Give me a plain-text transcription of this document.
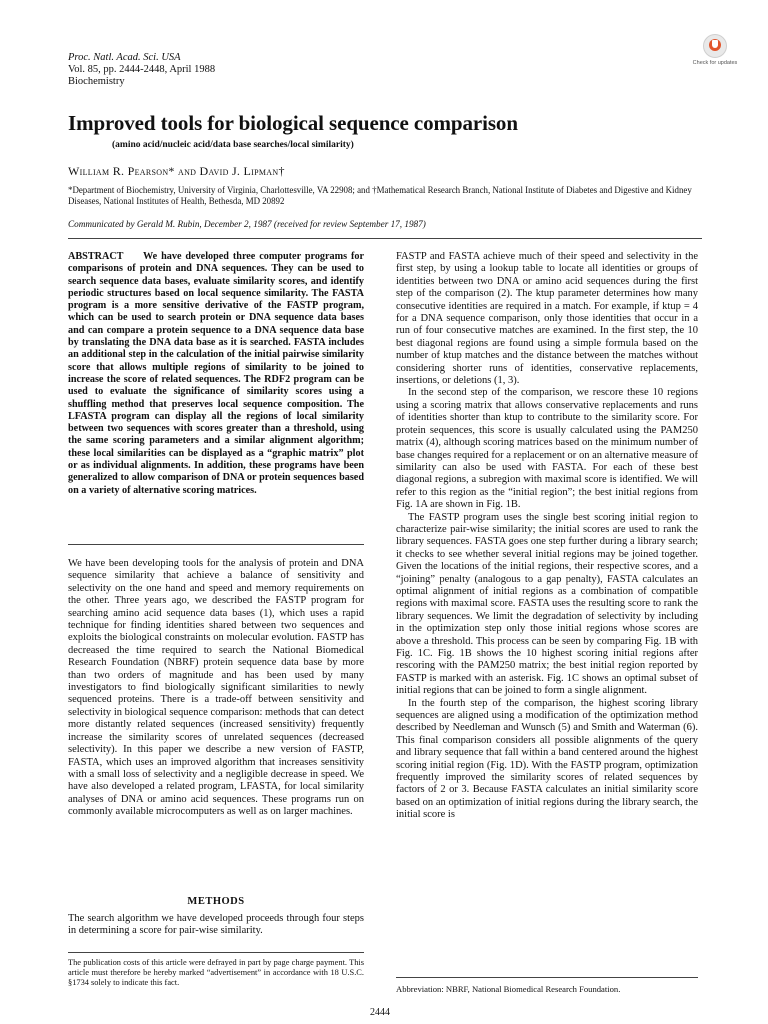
Proc. Natl. Acad. Sci. USA
Vol. 85, pp. 2444-2448, April 1988
Biochemistry
Check for updates
Improved tools for biological sequence comparison
(amino acid/nucleic acid/data base searches/local similarity)
William R. Pearson* and David J. Lipman†
*Department of Biochemistry, University of Virginia, Charlottesville, VA 22908; and †Mathematical Research Branch, National Institute of Diabetes and Digestive and Kidney Diseases, National Institutes of Health, Bethesda, MD 20892
Communicated by Gerald M. Rubin, December 2, 1987 (received for review September 17, 1987)
ABSTRACT We have developed three computer programs for comparisons of protein and DNA sequences. They can be used to search sequence data bases, evaluate similarity scores, and identify periodic structures based on local sequence similarity. The FASTA program is a more sensitive derivative of the FASTP program, which can be used to search protein or DNA sequence data bases and can compare a protein sequence to a DNA sequence data base by translating the DNA data base as it is searched. FASTA includes an additional step in the calculation of the initial pairwise similarity score that allows multiple regions of similarity to be joined to increase the score of related sequences. The RDF2 program can be used to evaluate the significance of similarity scores using a shuffling method that preserves local sequence composition. The LFASTA program can display all the regions of local similarity between two sequences with scores greater than a threshold, using the same scoring parameters and a similar alignment algorithm; these local similarities can be displayed as a “graphic matrix” plot or as individual alignments. In addition, these programs have been generalized to allow comparison of DNA or protein sequences based on a variety of alternative scoring matrices.

We have been developing tools for the analysis of protein and DNA sequence similarity that achieve a balance of sensitivity and selectivity on the one hand and speed and memory requirements on the other. Three years ago, we described the FASTP program for searching amino acid sequence data bases (1), which uses a rapid technique for finding identities shared between two sequences and exploits the biological constraints on molecular evolution. FASTP has decreased the time required to search the National Biomedical Research Foundation (NBRF) protein sequence data base by more than two orders of magnitude and has been used by many investigators to find biologically significant similarities to newly sequenced proteins. There is a trade-off between sensitivity and selectivity in biological sequence comparison: methods that can detect more distantly related sequences (increased sensitivity) frequently increase the similarity scores of unrelated sequences (decreased selectivity). In this paper we describe a new version of FASTP, FASTA, which uses an improved algorithm that increases sensitivity with a small loss of selectivity and a negligible decrease in speed. We have also developed a related program, LFASTA, for local similarity analyses of DNA or amino acid sequences. These programs run on commonly available microcomputers as well as on larger machines.

METHODS

The search algorithm we have developed proceeds through four steps in determining a score for pair-wise similarity.

The publication costs of this article were defrayed in part by page charge payment. This article must therefore be hereby marked “advertisement” in accordance with 18 U.S.C. §1734 solely to indicate this fact.

FASTP and FASTA achieve much of their speed and selectivity in the first step, by using a lookup table to locate all identities or groups of identities between two DNA or amino acid sequences during the first step of the comparison (2). The ktup parameter determines how many consecutive identities are required in a match. For example, if ktup = 4 for a DNA sequence comparison, only those identities that occur in a run of four consecutive matches are examined. In the first step, the 10 best diagonal regions are found using a simple formula based on the number of ktup matches and the distance between the matches without considering shorter runs of identities, conservative replacements, insertions, or deletions (1, 3).

In the second step of the comparison, we rescore these 10 regions using a scoring matrix that allows conservative replacements and runs of identities shorter than ktup to contribute to the similarity score. For protein sequences, this score is usually calculated using the PAM250 matrix (4), although scoring matrices based on the minimum number of base changes required for a replacement or on an alternative measure of similarity can also be used with FASTA. For each of these best diagonal regions, a subregion with maximal score is identified. We will refer to this region as the “initial region”; the best initial regions from Fig. 1A are shown in Fig. 1B.

The FASTP program uses the single best scoring initial region to characterize pair-wise similarity; the initial scores are used to rank the library sequences. FASTA goes one step further during a library search; it checks to see whether several initial regions may be joined together. Given the locations of the initial regions, their respective scores, and a “joining” penalty (analogous to a gap penalty), FASTA calculates an optimal alignment of initial regions as a combination of compatible regions with maximal score. FASTA uses the resulting score to rank the library sequences. We limit the degradation of selectivity by including in the optimization step only those initial regions whose scores are above a threshold. This process can be seen by comparing Fig. 1B with Fig. 1C. Fig. 1B shows the 10 highest scoring initial regions after rescoring with the PAM250 matrix; the best initial region reported by FASTP is marked with an asterisk. Fig. 1C shows an optimal subset of initial regions that can be joined to form a single alignment.

In the fourth step of the comparison, the highest scoring library sequences are aligned using a modification of the optimization method described by Needleman and Wunsch (5) and Smith and Waterman (6). This final comparison considers all possible alignments of the query and library sequence that fall within a band centered around the highest scoring initial region (Fig. 1D). With the FASTP program, optimization frequently improved the similarity scores of related sequences by factors of 2 or 3. Because FASTA calculates an initial similarity score based on an optimization of initial regions during the library search, the initial score is

Abbreviation: NBRF, National Biomedical Research Foundation.
2444
